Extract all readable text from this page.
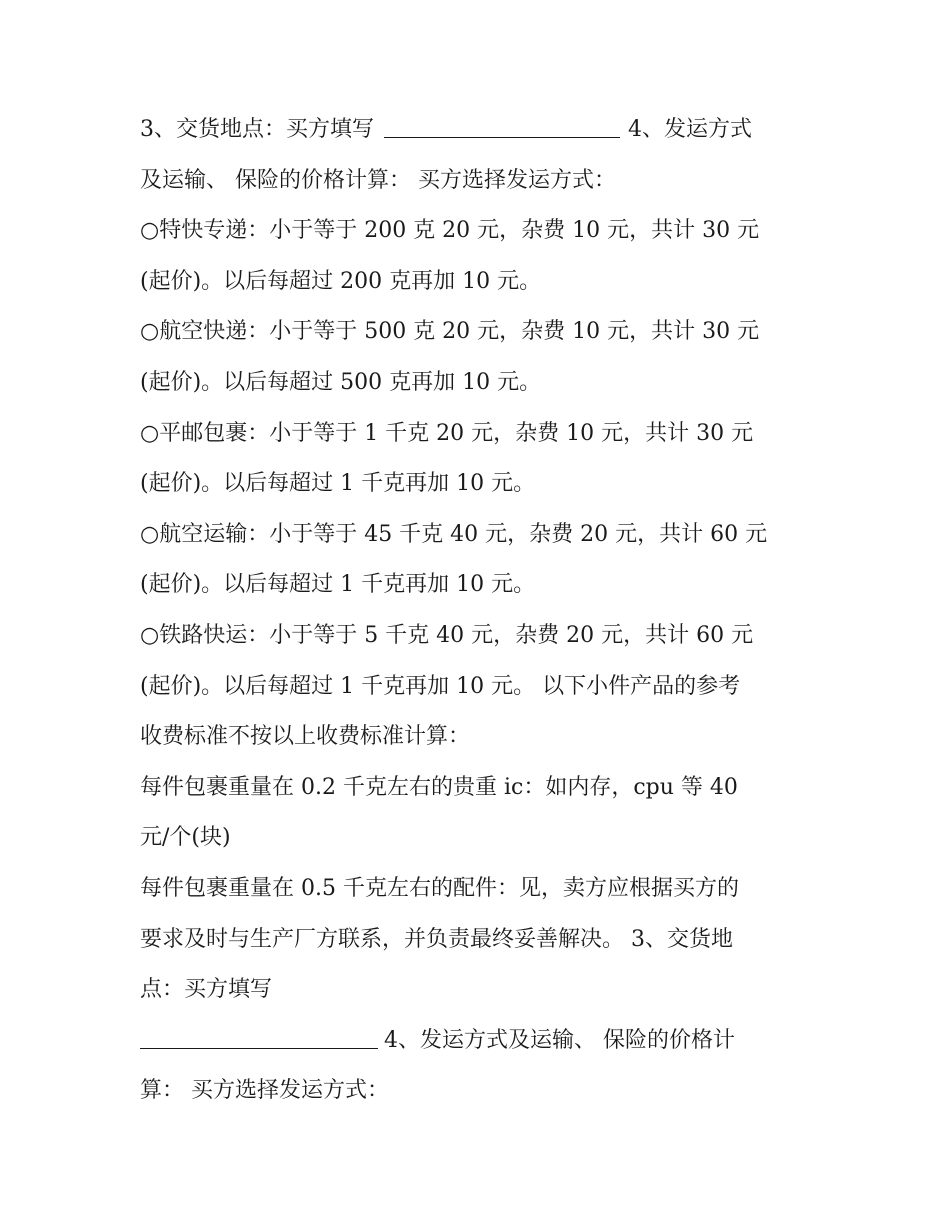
3、交货地点：买方填写	4、发运方式
及运输、 保险的价格计算： 买方选择发运方式：
○特快专递：小于等于 200 克 20 元，杂费 10 元，共计 30 元
(起价)。以后每超过 200 克再加 10 元。
○航空快递：小于等于 500 克 20 元，杂费 10 元，共计 30 元
(起价)。以后每超过 500 克再加 10 元。
○平邮包裹：小于等于 1 千克 20 元，杂费 10 元，共计 30 元
(起价)。以后每超过 1 千克再加 10 元。
○航空运输：小于等于 45 千克 40 元，杂费 20 元，共计 60 元
(起价)。以后每超过 1 千克再加 10 元。
○铁路快运：小于等于 5 千克 40 元，杂费 20 元，共计 60 元
(起价)。以后每超过 1 千克再加 10 元。 以下小件产品的参考
收费标准不按以上收费标准计算：
每件包裹重量在 0.2 千克左右的贵重 ic：如内存，cpu 等 40
元/个(块)
每件包裹重量在 0.5 千克左右的配件：见，卖方应根据买方的
要求及时与生产厂方联系，并负责最终妥善解决。 3、交货地
点：买方填写
4、发运方式及运输、 保险的价格计
算： 买方选择发运方式：
